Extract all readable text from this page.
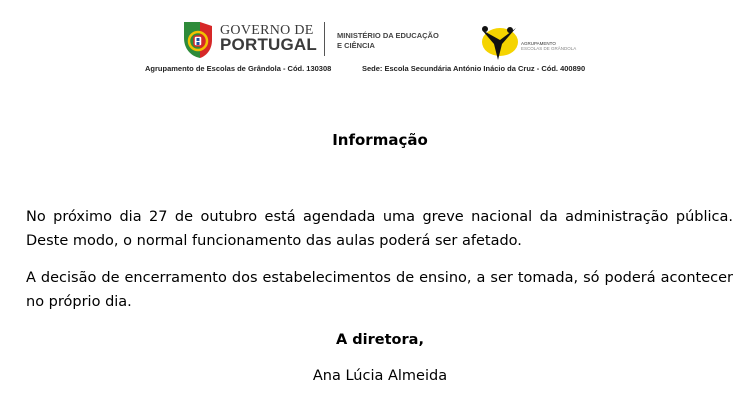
GOVERNO DE
PORTUGAL	MINISTÉRIO DA EDUCAÇÃO
E CIÊNCIA	AGRUPAMENTO
ESCOLAS DE GRÂNDOLA
Agrupamento de Escolas de Grândola - Cód. 130308	Sede: Escola Secundária António Inácio da Cruz - Cód. 400890
Informação
No próximo dia 27 de outubro está agendada uma greve nacional da administração pública. Deste modo, o normal funcionamento das aulas poderá ser afetado.
A decisão de encerramento dos estabelecimentos de ensino, a ser tomada, só poderá acontecer no próprio dia.
A diretora,
Ana Lúcia Almeida
